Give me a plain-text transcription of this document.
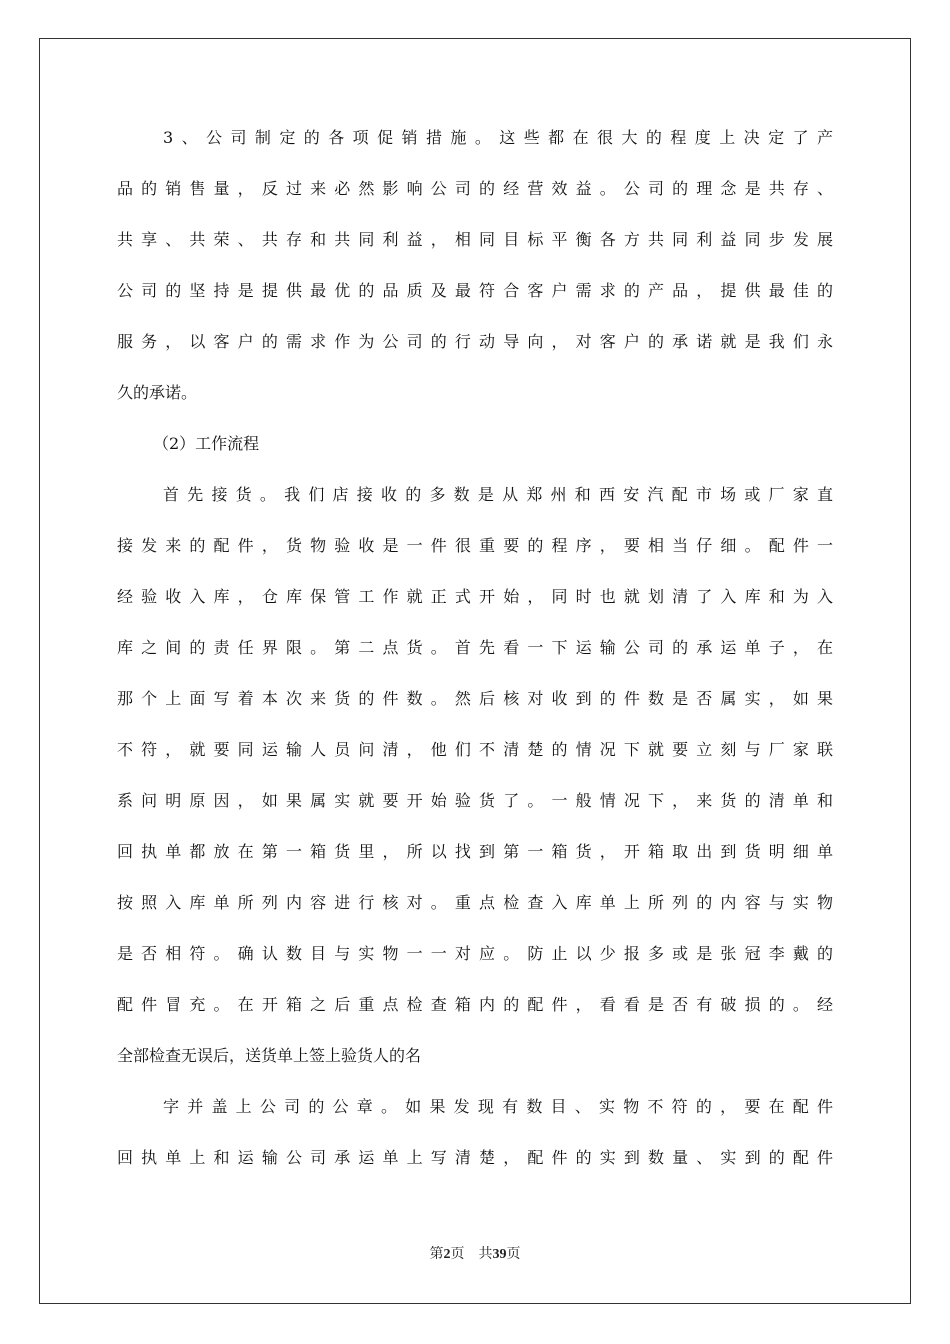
3、公司制定的各项促销措施。这些都在很大的程度上决定了产
品的销售量，反过来必然影响公司的经营效益。公司的理念是共存、
共享、共荣、共存和共同利益，相同目标平衡各方共同利益同步发展
公司的坚持是提供最优的品质及最符合客户需求的产品，提供最佳的
服务，以客户的需求作为公司的行动导向，对客户的承诺就是我们永
久的承诺。
（2）工作流程
首先接货。我们店接收的多数是从郑州和西安汽配市场或厂家直
接发来的配件，货物验收是一件很重要的程序，要相当仔细。配件一
经验收入库，仓库保管工作就正式开始，同时也就划清了入库和为入
库之间的责任界限。第二点货。首先看一下运输公司的承运单子，在
那个上面写着本次来货的件数。然后核对收到的件数是否属实，如果
不符，就要同运输人员问清，他们不清楚的情况下就要立刻与厂家联
系问明原因，如果属实就要开始验货了。一般情况下，来货的清单和
回执单都放在第一箱货里，所以找到第一箱货，开箱取出到货明细单
按照入库单所列内容进行核对。重点检查入库单上所列的内容与实物
是否相符。确认数目与实物一一对应。防止以少报多或是张冠李戴的
配件冒充。在开箱之后重点检查箱内的配件，看看是否有破损的。经
全部检查无误后，送货单上签上验货人的名
字并盖上公司的公章。如果发现有数目、实物不符的，要在配件
回执单上和运输公司承运单上写清楚，配件的实到数量、实到的配件
第2页 共39页
